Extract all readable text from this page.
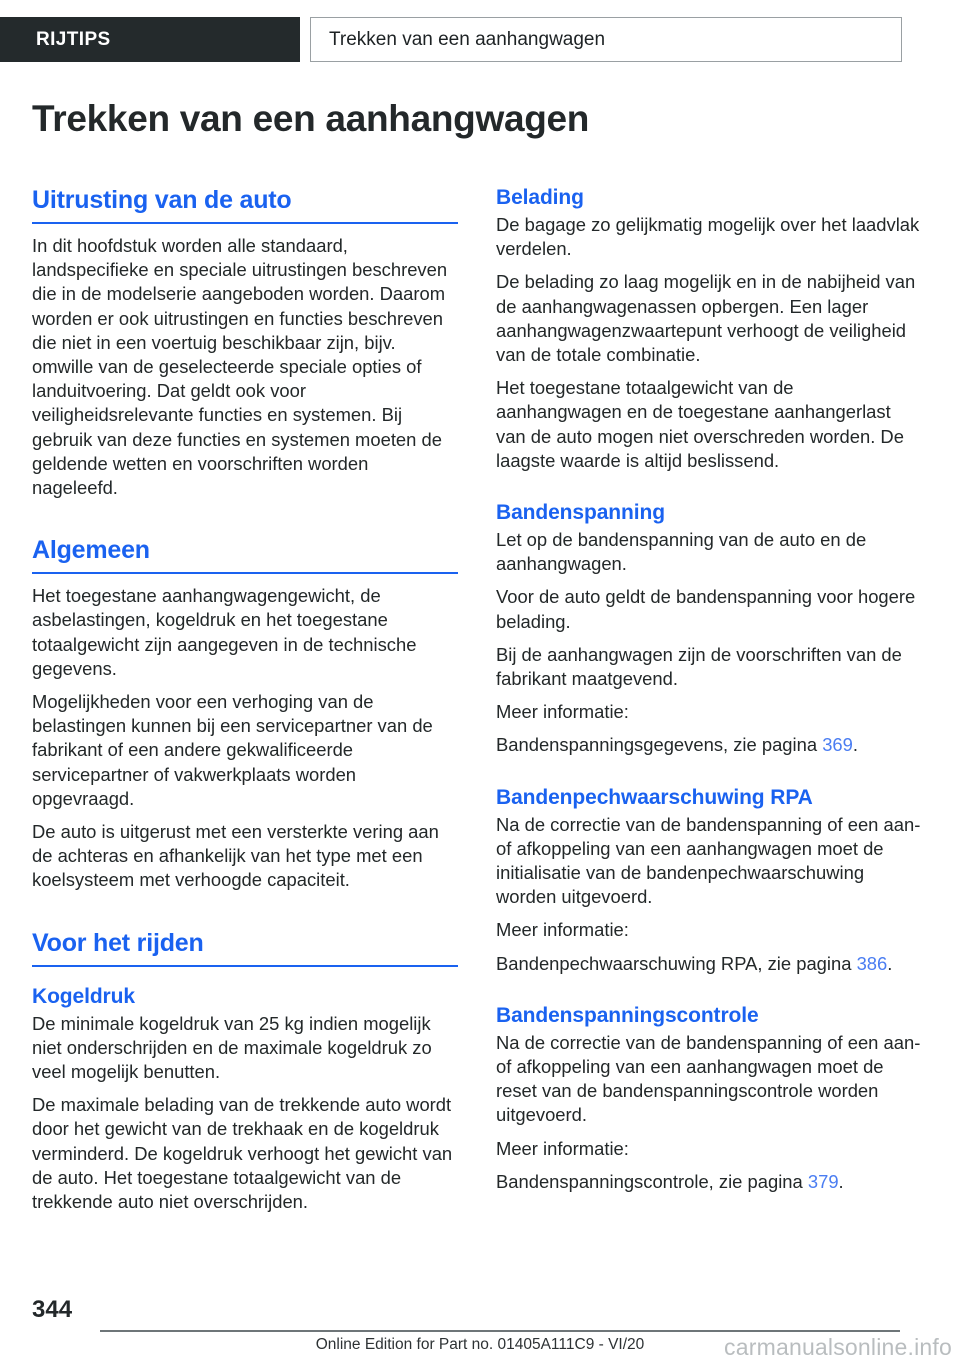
RIJTIPS	Trekken van een aanhangwagen
Trekken van een aanhangwagen
Uitrusting van de auto

In dit hoofdstuk worden alle standaard, landspecifieke en speciale uitrustingen beschreven die in de modelserie aangeboden worden. Daarom worden er ook uitrustingen en functies beschreven die niet in een voertuig beschikbaar zijn, bijv. omwille van de geselecteerde speciale opties of landuitvoering. Dat geldt ook voor veiligheidsrelevante functies en systemen. Bij gebruik van deze functies en systemen moeten de geldende wetten en voorschriften worden nageleefd.

Algemeen

Het toegestane aanhangwagengewicht, de asbelastingen, kogeldruk en het toegestane totaalgewicht zijn aangegeven in de technische gegevens.

Mogelijkheden voor een verhoging van de belastingen kunnen bij een servicepartner van de fabrikant of een andere gekwalificeerde servicepartner of vakwerkplaats worden opgevraagd.

De auto is uitgerust met een versterkte vering aan de achteras en afhankelijk van het type met een koelsysteem met verhoogde capaciteit.

Voor het rijden
Kogeldruk

De minimale kogeldruk van 25 kg indien mogelijk niet onderschrijden en de maximale kogeldruk zo veel mogelijk benutten.

De maximale belading van de trekkende auto wordt door het gewicht van de trekhaak en de kogeldruk verminderd. De kogeldruk verhoogt het gewicht van de auto. Het toegestane totaalgewicht van de trekkende auto niet overschrijden.

Belading

De bagage zo gelijkmatig mogelijk over het laadvlak verdelen.

De belading zo laag mogelijk en in de nabijheid van de aanhangwagenassen opbergen. Een lager aanhangwagenzwaartepunt verhoogt de veiligheid van de totale combinatie.

Het toegestane totaalgewicht van de aanhangwagen en de toegestane aanhangerlast van de auto mogen niet overschreden worden. De laagste waarde is altijd beslissend.

Bandenspanning

Let op de bandenspanning van de auto en de aanhangwagen.

Voor de auto geldt de bandenspanning voor hogere belading.

Bij de aanhangwagen zijn de voorschriften van de fabrikant maatgevend.

Meer informatie:

Bandenspanningsgegevens, zie pagina 369.

Bandenpechwaarschuwing RPA

Na de correctie van de bandenspanning of een aan- of afkoppeling van een aanhangwagen moet de initialisatie van de bandenpechwaarschuwing worden uitgevoerd.

Meer informatie:

Bandenpechwaarschuwing RPA, zie pagina 386.

Bandenspanningscontrole

Na de correctie van de bandenspanning of een aan- of afkoppeling van een aanhangwagen moet de reset van de bandenspanningscontrole worden uitgevoerd.

Meer informatie:

Bandenspanningscontrole, zie pagina 379.

344
Online Edition for Part no. 01405A111C9 - VI/20	carmanualsonline.info
